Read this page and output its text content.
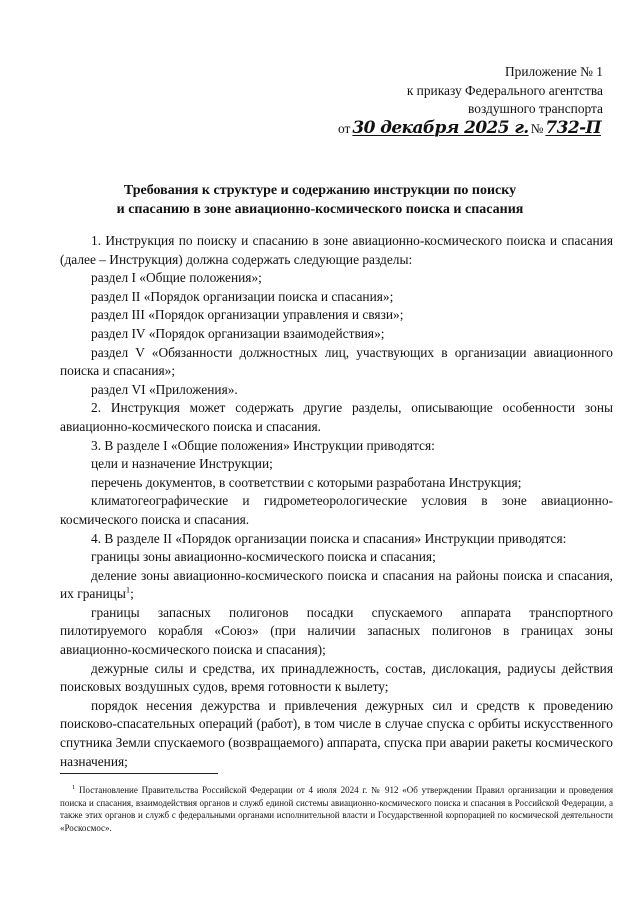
Приложение № 1
к приказу Федерального агентства
воздушного транспорта
от 30 декабря 2025 г. № 732-П
Требования к структуре и содержанию инструкции по поиску
и спасанию в зоне авиационно-космического поиска и спасания

1. Инструкция по поиску и спасанию в зоне авиационно-космического поиска и спасания (далее – Инструкция) должна содержать следующие разделы:

раздел I «Общие положения»;

раздел II «Порядок организации поиска и спасания»;

раздел III «Порядок организации управления и связи»;

раздел IV «Порядок организации взаимодействия»;

раздел V «Обязанности должностных лиц, участвующих в организации авиационного поиска и спасания»;

раздел VI «Приложения».

2. Инструкция может содержать другие разделы, описывающие особенности зоны авиационно-космического поиска и спасания.

3. В разделе I «Общие положения» Инструкции приводятся:

цели и назначение Инструкции;

перечень документов, в соответствии с которыми разработана Инструкция;

климатогеографические и гидрометеорологические условия в зоне авиационно-космического поиска и спасания.

4. В разделе II «Порядок организации поиска и спасания» Инструкции приводятся:

границы зоны авиационно-космического поиска и спасания;

деление зоны авиационно-космического поиска и спасания на районы поиска и спасания, их границы$^1$;

границы запасных полигонов посадки спускаемого аппарата транспортного пилотируемого корабля «Союз» (при наличии запасных полигонов в границах зоны авиационно-космического поиска и спасания);

дежурные силы и средства, их принадлежность, состав, дислокация, радиусы действия поисковых воздушных судов, время готовности к вылету;

порядок несения дежурства и привлечения дежурных сил и средств к проведению поисково-спасательных операций (работ), в том числе в случае спуска с орбиты искусственного спутника Земли спускаемого (возвращаемого) аппарата, спуска при аварии ракеты космического назначения;

$^1$ Постановление Правительства Российской Федерации от 4 июля 2024 г. № 912 «Об утверждении Правил организации и проведения поиска и спасания, взаимодействия органов и служб единой системы авиационно-космического поиска и спасания в Российской Федерации, а также этих органов и служб с федеральными органами исполнительной власти и Государственной корпорацией по космической деятельности «Роскосмос».
